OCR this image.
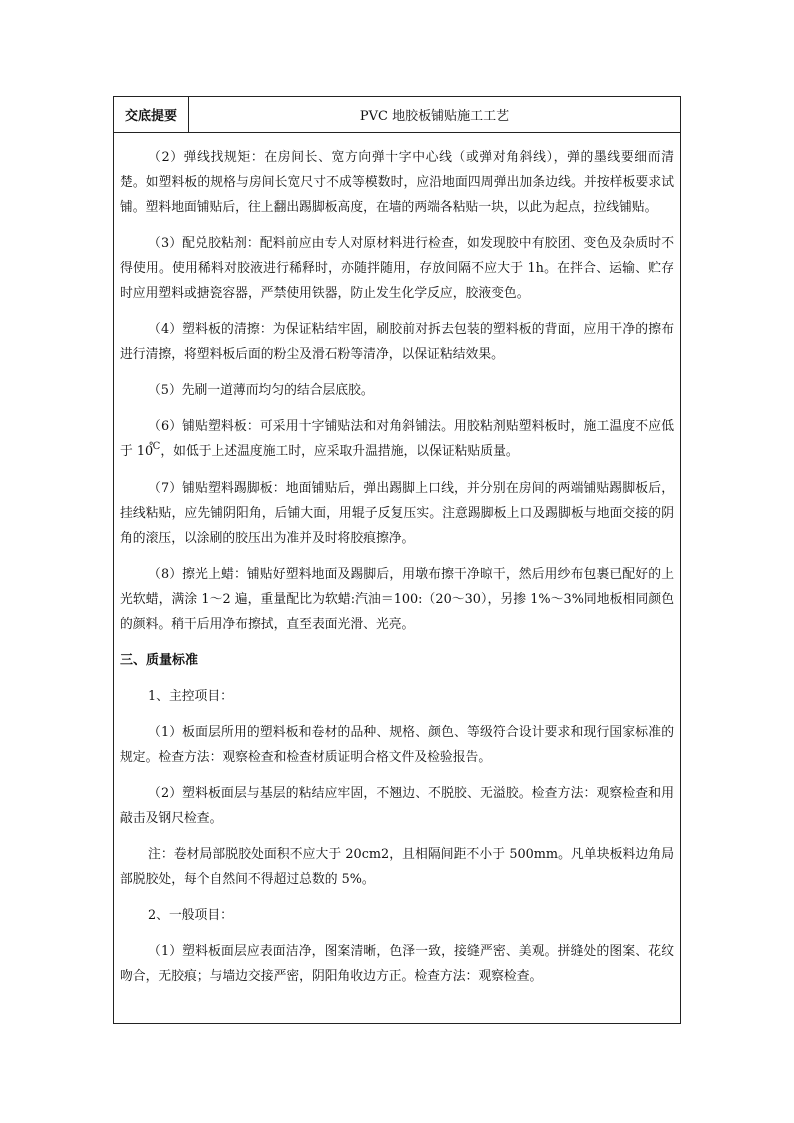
交底提要	PVC 地胶板铺贴施工工艺

（2）弹线找规矩：在房间长、宽方向弹十字中心线（或弹对角斜线），弹的墨线要细而清楚。如塑料板的规格与房间长宽尺寸不成等模数时，应沿地面四周弹出加条边线。并按样板要求试铺。塑料地面铺贴后，往上翻出踢脚板高度，在墙的两端各粘贴一块，以此为起点，拉线铺贴。

（3）配兑胶粘剂：配料前应由专人对原材料进行检查，如发现胶中有胶团、变色及杂质时不得使用。使用稀料对胶液进行稀释时，亦随拌随用，存放间隔不应大于 1h。在拌合、运输、贮存时应用塑料或搪瓷容器，严禁使用铁器，防止发生化学反应，胶液变色。

（4）塑料板的清擦：为保证粘结牢固，刷胶前对拆去包装的塑料板的背面，应用干净的擦布进行清擦，将塑料板后面的粉尘及滑石粉等清净，以保证粘结效果。

（5）先刷一道薄而均匀的结合层底胶。

（6）铺贴塑料板：可采用十字铺贴法和对角斜铺法。用胶粘剂贴塑料板时，施工温度不应低于 10℃，如低于上述温度施工时，应采取升温措施，以保证粘贴质量。

（7）铺贴塑料踢脚板：地面铺贴后，弹出踢脚上口线，并分别在房间的两端铺贴踢脚板后，挂线粘贴，应先铺阴阳角，后铺大面，用辊子反复压实。注意踢脚板上口及踢脚板与地面交接的阴角的滚压，以涂刷的胶压出为准并及时将胶痕擦净。

（8）擦光上蜡：铺贴好塑料地面及踢脚后，用墩布擦干净晾干，然后用纱布包裹已配好的上光软蜡，满涂 1～2 遍，重量配比为软蜡:汽油＝100:（20～30），另掺 1%～3%同地板相同颜色的颜料。稍干后用净布擦拭，直至表面光滑、光亮。

三、质量标准

1、主控项目：

（1）板面层所用的塑料板和卷材的品种、规格、颜色、等级符合设计要求和现行国家标准的规定。检查方法：观察检查和检查材质证明合格文件及检验报告。

（2）塑料板面层与基层的粘结应牢固，不翘边、不脱胶、无溢胶。检查方法：观察检查和用敲击及钢尺检查。

注：卷材局部脱胶处面积不应大于 20cm2，且相隔间距不小于 500mm。凡单块板料边角局部脱胶处，每个自然间不得超过总数的 5%。

2、一般项目：

（1）塑料板面层应表面洁净，图案清晰，色泽一致，接缝严密、美观。拼缝处的图案、花纹吻合，无胶痕；与墙边交接严密，阴阳角收边方正。检查方法：观察检查。
